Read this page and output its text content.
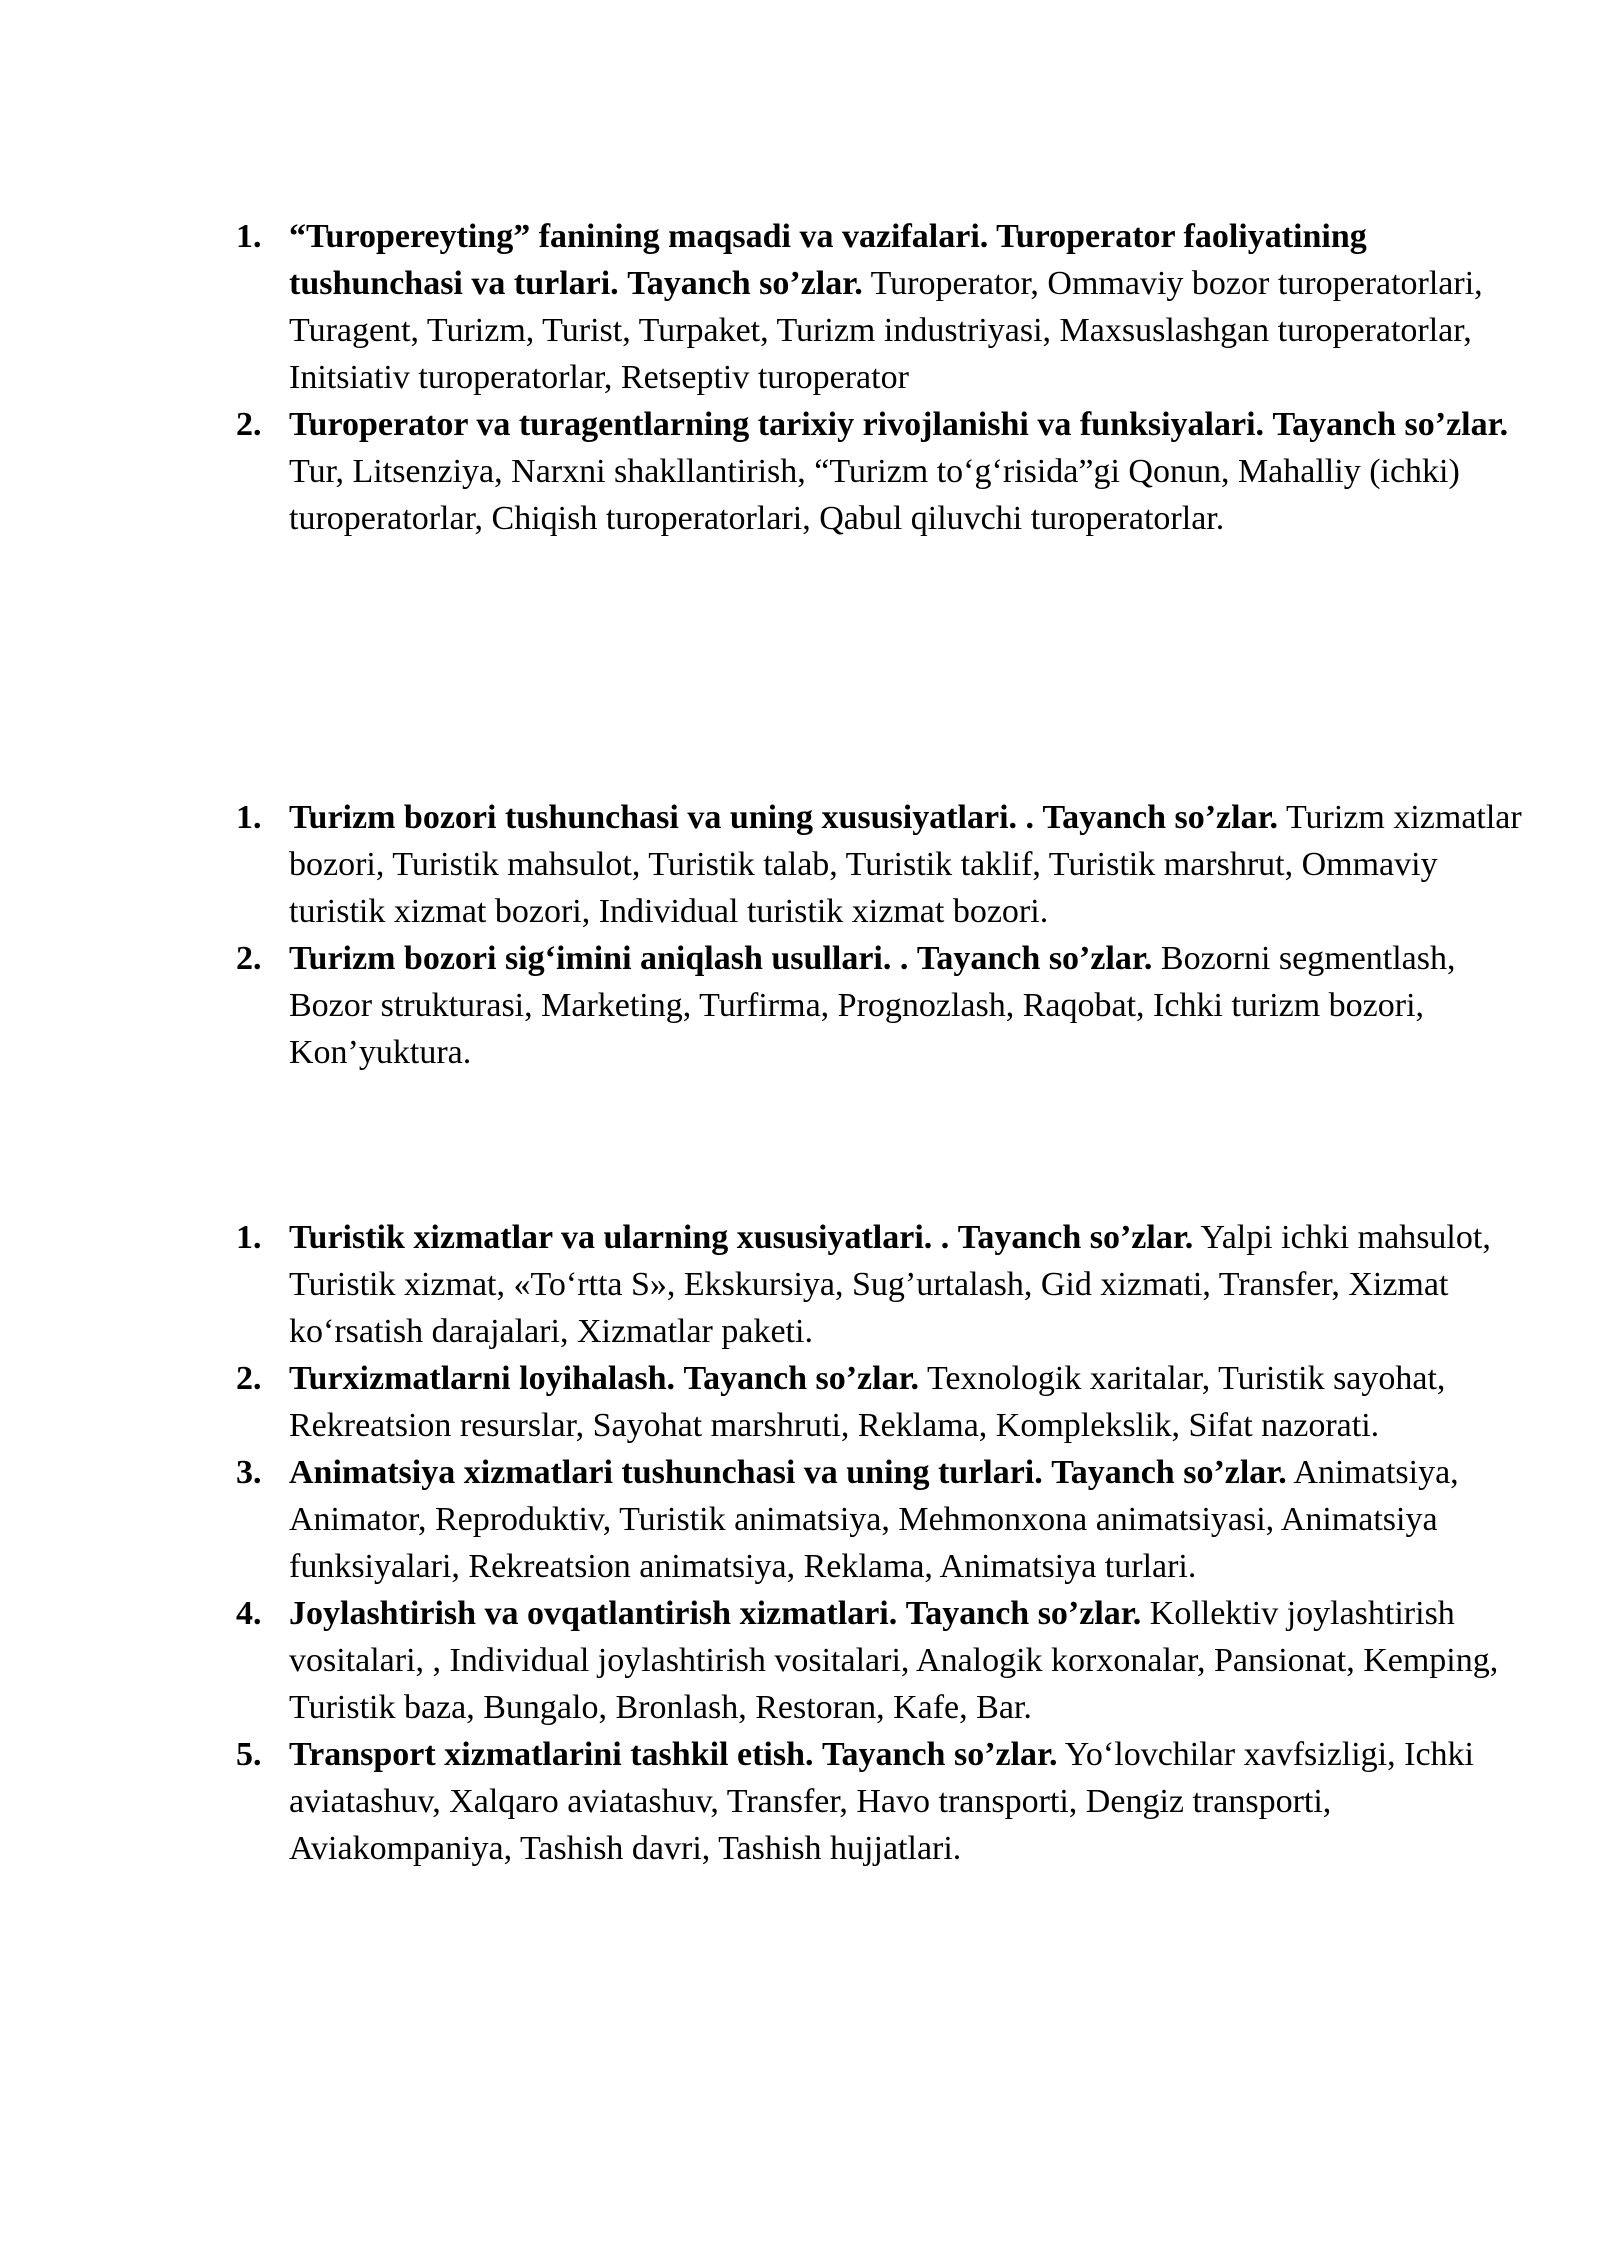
1. “Turopereyting” fanining maqsadi va vazifalari. Turoperator faoliyatining tushunchasi va turlari. Tayanch so’zlar. Turoperator, Ommaviy bozor turoperatorlari, Turagent, Turizm, Turist, Turpaket, Turizm industriyasi, Maxsuslashgan turoperatorlar, Initsiativ turoperatorlar, Retseptiv turoperator
2. Turoperator va turagentlarning tarixiy rivojlanishi va funksiyalari. Tayanch so’zlar. Tur, Litsenziya, Narxni shakllantirish, “Turizm to‘g‘risida”gi Qonun, Mahalliy (ichki) turoperatorlar, Chiqish turoperatorlari, Qabul qiluvchi turoperatorlar.
1. Turizm bozori tushunchasi va uning xususiyatlari. . Tayanch so’zlar. Turizm xizmatlar bozori, Turistik mahsulot, Turistik talab, Turistik taklif, Turistik marshrut, Ommaviy turistik xizmat bozori, Individual turistik xizmat bozori.
2. Turizm bozori sig‘imini aniqlash usullari. . Tayanch so’zlar. Bozorni segmentlash, Bozor strukturasi, Marketing, Turfirma, Prognozlash, Raqobat, Ichki turizm bozori, Kon’yuktura.
1. Turistik xizmatlar va ularning xususiyatlari. . Tayanch so’zlar. Yalpi ichki mahsulot, Turistik xizmat, «To‘rtta S», Ekskursiya, Sug’urtalash, Gid xizmati, Transfer, Xizmat ko‘rsatish darajalari, Xizmatlar paketi.
2. Turxizmatlarni loyihalash. Tayanch so’zlar. Texnologik xaritalar, Turistik sayohat, Rekreatsion resurslar, Sayohat marshruti, Reklama, Komplekslik, Sifat nazorati.
3. Animatsiya xizmatlari tushunchasi va uning turlari. Tayanch so’zlar. Animatsiya, Animator, Reproduktiv, Turistik animatsiya, Mehmonxona animatsiyasi, Animatsiya funksiyalari, Rekreatsion animatsiya, Reklama, Animatsiya turlari.
4. Joylashtirish va ovqatlantirish xizmatlari. Tayanch so’zlar. Kollektiv joylashtirish vositalari, , Individual joylashtirish vositalari, Analogik korxonalar, Pansionat, Kemping, Turistik baza, Bungalo, Bronlash, Restoran, Kafe, Bar.
5. Transport xizmatlarini tashkil etish. Tayanch so’zlar. Yo‘lovchilar xavfsizligi, Ichki aviatashuv, Xalqaro aviatashuv, Transfer, Havo transporti, Dengiz transporti, Aviakompaniya, Tashish davri, Tashish hujjatlari.
